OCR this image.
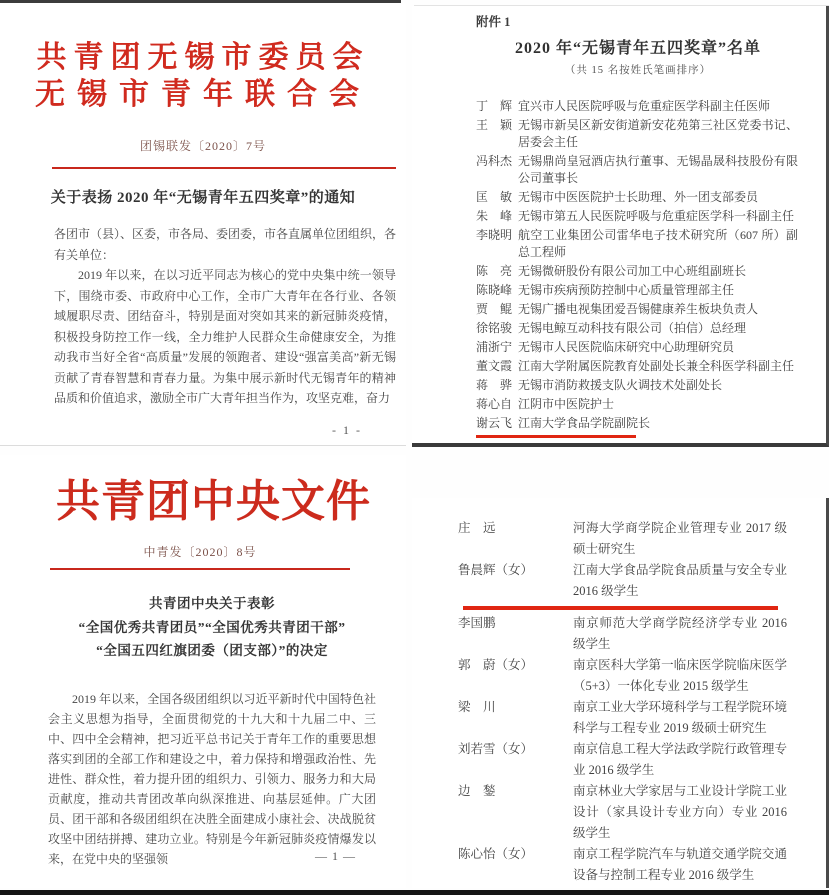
共青团无锡市委员会
无锡市青年联合会
团锡联发〔2020〕7号
关于表扬 2020 年“无锡青年五四奖章”的通知

各团市（县）、区委，市各局、委团委，市各直属单位团组织，各有关单位：

2019 年以来，在以习近平同志为核心的党中央集中统一领导下，围绕市委、市政府中心工作，全市广大青年在各行业、各领域履职尽责、团结奋斗，特别是面对突如其来的新冠肺炎疫情，积极投身防控工作一线，全力维护人民群众生命健康安全，为推动我市当好全省“高质量”发展的领跑者、建设“强富美高”新无锡贡献了青春智慧和青春力量。为集中展示新时代无锡青年的精神品质和价值追求，激励全市广大青年担当作为，攻坚克难，奋力

- 1 -
附件 1
2020 年“无锡青年五四奖章”名单
（共 15 名按姓氏笔画排序）
丁　辉 宜兴市人民医院呼吸与危重症医学科副主任医师
王　颖 无锡市新吴区新安街道新安花苑第三社区党委书记、居委会主任
冯科杰 无锡鼎尚皇冠酒店执行董事、无锡晶晟科技股份有限公司董事长
匡　敏 无锡市中医医院护士长助理、外一团支部委员
朱　峰 无锡市第五人民医院呼吸与危重症医学科一科副主任
李晓明 航空工业集团公司雷华电子技术研究所（607 所）副总工程师
陈　亮 无锡微研股份有限公司加工中心班组副班长
陈晓峰 无锡市疾病预防控制中心质量管理部主任
贾　鲲 无锡广播电视集团爱吾锡健康养生板块负责人
徐铭骏 无锡电鲸互动科技有限公司（拍信）总经理
浦浙宁 无锡市人民医院临床研究中心助理研究员
董文霞 江南大学附属医院教育处副处长兼全科医学科副主任
蒋　骅 无锡市消防救援支队火调技术处副处长
蒋心自 江阴市中医院护士
谢云飞 江南大学食品学院副院长
共青团中央文件
中青发〔2020〕8号

共青团中央关于表彰

“全国优秀共青团员”“全国优秀共青团干部”

“全国五四红旗团委（团支部）”的决定

2019 年以来，全国各级团组织以习近平新时代中国特色社会主义思想为指导，全面贯彻党的十九大和十九届二中、三中、四中全会精神，把习近平总书记关于青年工作的重要思想落实到团的全部工作和建设之中，着力保持和增强政治性、先进性、群众性，着力提升团的组织力、引领力、服务力和大局贡献度，推动共青团改革向纵深推进、向基层延伸。广大团员、团干部和各级团组织在决胜全面建成小康社会、决战脱贫攻坚中团结拼搏、建功立业。特别是今年新冠肺炎疫情爆发以来，在党中央的坚强领	— 1 —
庄　远	河海大学商学院企业管理专业 2017 级硕士研究生
鲁晨辉（女）	江南大学食品学院食品质量与安全专业 2016 级学生
李国鹏	南京师范大学商学院经济学专业 2016 级学生
郭　蔚（女）	南京医科大学第一临床医学院临床医学（5+3）一体化专业 2015 级学生
梁　川	南京工业大学环境科学与工程学院环境科学与工程专业 2019 级硕士研究生
刘若雪（女）	南京信息工程大学法政学院行政管理专业 2016 级学生
边　鍫	南京林业大学家居与工业设计学院工业设计（家具设计专业方向）专业 2016 级学生
陈心怡（女）	南京工程学院汽车与轨道交通学院交通设备与控制工程专业 2016 级学生
